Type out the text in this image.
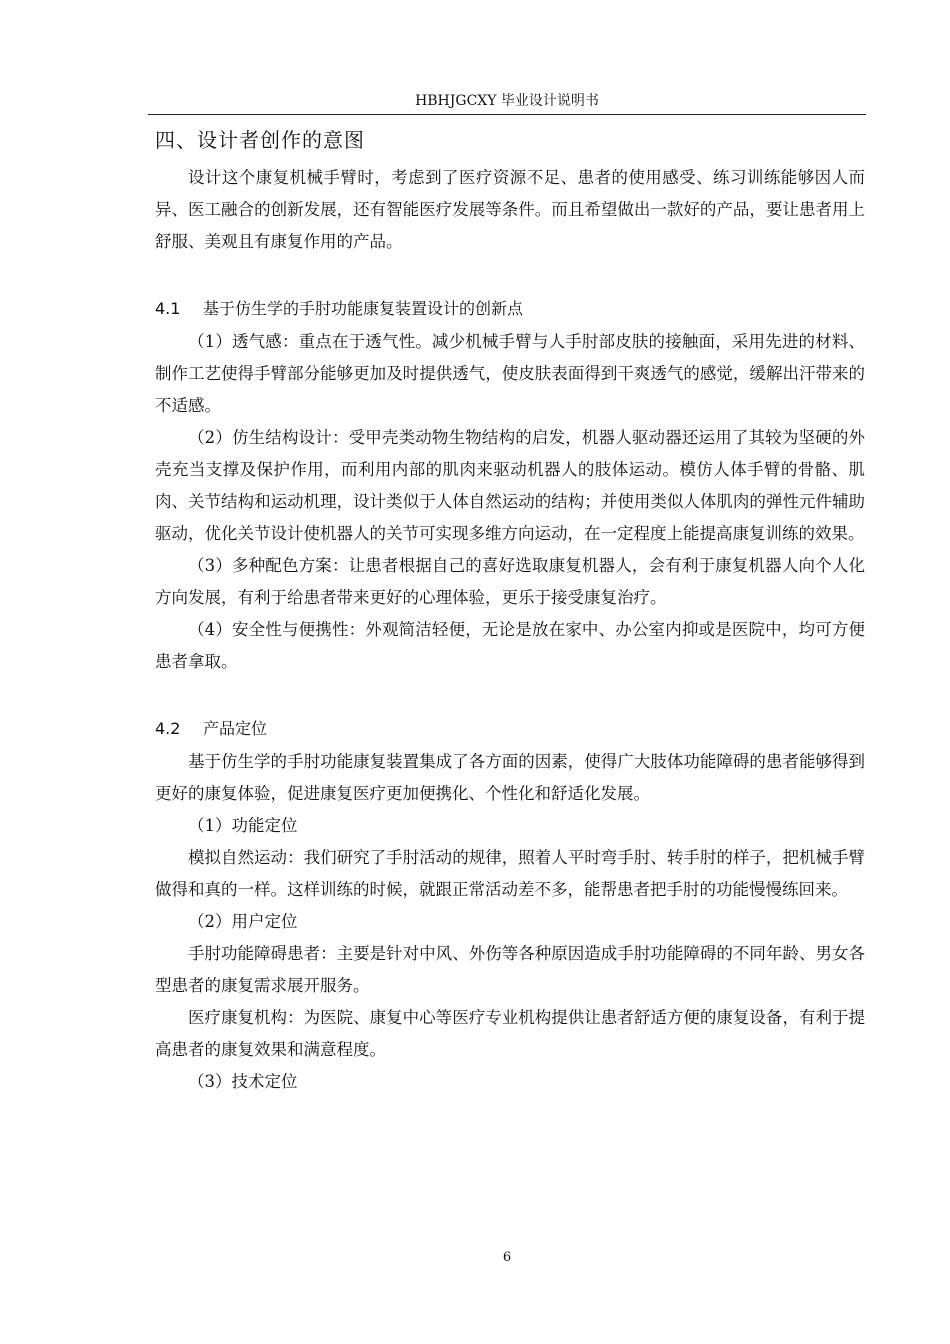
HBHJGCXY 毕业设计说明书
四、设计者创作的意图

设计这个康复机械手臂时，考虑到了医疗资源不足、患者的使用感受、练习训练能够因人而异、医工融合的创新发展，还有智能医疗发展等条件。而且希望做出一款好的产品，要让患者用上舒服、美观且有康复作用的产品。

4.1 基于仿生学的手肘功能康复装置设计的创新点

（1）透气感：重点在于透气性。减少机械手臂与人手肘部皮肤的接触面，采用先进的材料、制作工艺使得手臂部分能够更加及时提供透气，使皮肤表面得到干爽透气的感觉，缓解出汗带来的不适感。

（2）仿生结构设计：受甲壳类动物生物结构的启发，机器人驱动器还运用了其较为坚硬的外壳充当支撑及保护作用，而利用内部的肌肉来驱动机器人的肢体运动。模仿人体手臂的骨骼、肌肉、关节结构和运动机理，设计类似于人体自然运动的结构；并使用类似人体肌肉的弹性元件辅助驱动，优化关节设计使机器人的关节可实现多维方向运动，在一定程度上能提高康复训练的效果。

（3）多种配色方案：让患者根据自己的喜好选取康复机器人，会有利于康复机器人向个人化方向发展，有利于给患者带来更好的心理体验，更乐于接受康复治疗。

（4）安全性与便携性：外观简洁轻便，无论是放在家中、办公室内抑或是医院中，均可方便患者拿取。

4.2 产品定位

基于仿生学的手肘功能康复装置集成了各方面的因素，使得广大肢体功能障碍的患者能够得到更好的康复体验，促进康复医疗更加便携化、个性化和舒适化发展。

（1）功能定位

模拟自然运动：我们研究了手肘活动的规律，照着人平时弯手肘、转手肘的样子，把机械手臂做得和真的一样。这样训练的时候，就跟正常活动差不多，能帮患者把手肘的功能慢慢练回来。

（2）用户定位

手肘功能障碍患者：主要是针对中风、外伤等各种原因造成手肘功能障碍的不同年龄、男女各型患者的康复需求展开服务。

医疗康复机构：为医院、康复中心等医疗专业机构提供让患者舒适方便的康复设备，有利于提高患者的康复效果和满意程度。

（3）技术定位

6
